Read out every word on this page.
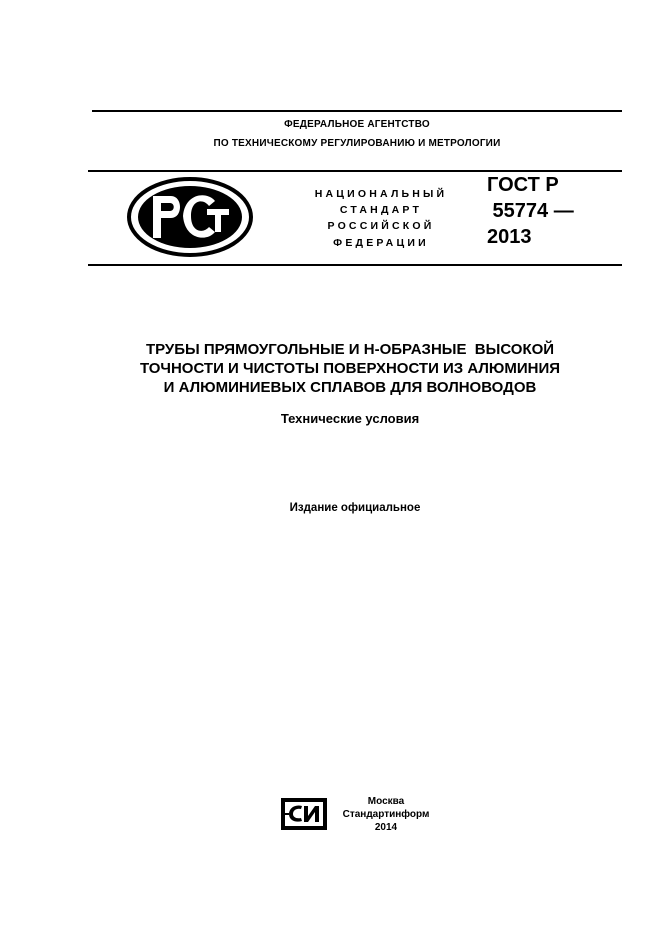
ФЕДЕРАЛЬНОЕ АГЕНТСТВО
ПО ТЕХНИЧЕСКОМУ РЕГУЛИРОВАНИЮ И МЕТРОЛОГИИ
НАЦИОНАЛЬНЫЙ
СТАНДАРТ
РОССИЙСКОЙ
ФЕДЕРАЦИИ
ГОСТ Р
55774 —
2013
ТРУБЫ ПРЯМОУГОЛЬНЫЕ И Н-ОБРАЗНЫЕ  ВЫСОКОЙ
ТОЧНОСТИ И ЧИСТОТЫ ПОВЕРХНОСТИ ИЗ АЛЮМИНИЯ
И АЛЮМИНИЕВЫХ СПЛАВОВ ДЛЯ ВОЛНОВОДОВ
Технические условия
Издание официальное
Москва
Стандартинформ
2014
